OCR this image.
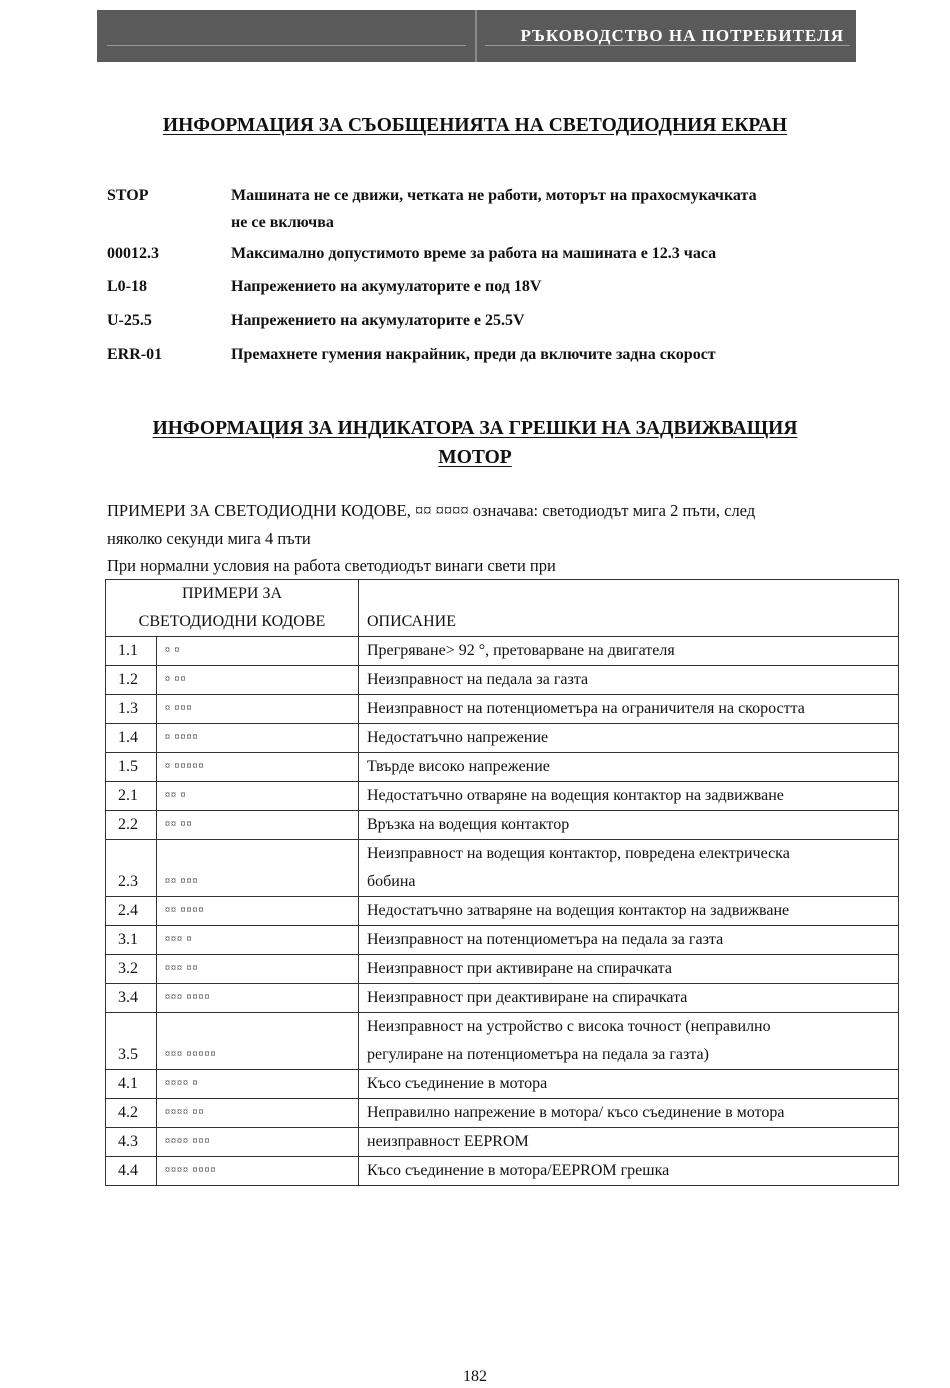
РЪКОВОДСТВО НА ПОТРЕБИТЕЛЯ
ИНФОРМАЦИЯ ЗА СЪОБЩЕНИЯТА НА СВЕТОДИОДНИЯ ЕКРАН
STOP	Машината не се движи, четката не работи, моторът на прахосмукачката
не се включва
00012.3	Максимално допустимото време за работа на машината е 12.3 часа
L0-18	Напрежението на акумулаторите е под 18V
U-25.5	Напрежението на акумулаторите е 25.5V
ERR-01	Премахнете гумения накрайник, преди да включите задна скорост
ИНФОРМАЦИЯ ЗА ИНДИКАТОРА ЗА ГРЕШКИ НА ЗАДВИЖВАЩИЯ
МОТОР
ПРИМЕРИ ЗА СВЕТОДИОДНИ КОДОВЕ, ¤¤ ¤¤¤¤ означава: светодиодът мига 2 пъти, след
няколко секунди мига 4 пъти
При нормални условия на работа светодиодът винаги свети при
ПРИМЕРИ ЗА
СВЕТОДИОДНИ КОДОВЕ		ОПИСАНИЕ
1.1	¤ ¤	Прегряване> 92 °, претоварване на двигателя

1.2	¤ ¤¤	Неизправност на педала за газта

1.3	¤ ¤¤¤	Неизправност на потенциометъра на ограничителя на скоростта

1.4	¤ ¤¤¤¤	Недостатъчно напрежение

1.5	¤ ¤¤¤¤¤	Твърде високо напрежение

2.1	¤¤ ¤	Недостатъчно отваряне на водещия контактор на задвижване

2.2	¤¤ ¤¤	Връзка на водещия контактор

2.3	¤¤ ¤¤¤	Неизправност на водещия контактор, повредена електрическа
бобина

2.4	¤¤ ¤¤¤¤	Недостатъчно затваряне на водещия контактор на задвижване

3.1	¤¤¤ ¤	Неизправност на потенциометъра на педала за газта

3.2	¤¤¤ ¤¤	Неизправност при активиране на спирачката

3.4	¤¤¤ ¤¤¤¤	Неизправност при деактивиране на спирачката

3.5	¤¤¤ ¤¤¤¤¤	Неизправност на устройство с висока точност (неправилно
регулиране на потенциометъра на педала за газта)

4.1	¤¤¤¤ ¤	Късо съединение в мотора

4.2	¤¤¤¤ ¤¤	Неправилно напрежение в мотора/ късо съединение в мотора

4.3	¤¤¤¤ ¤¤¤	неизправност EEPROM

4.4	¤¤¤¤ ¤¤¤¤	Късо съединение в мотора/EEPROM грешка
182
